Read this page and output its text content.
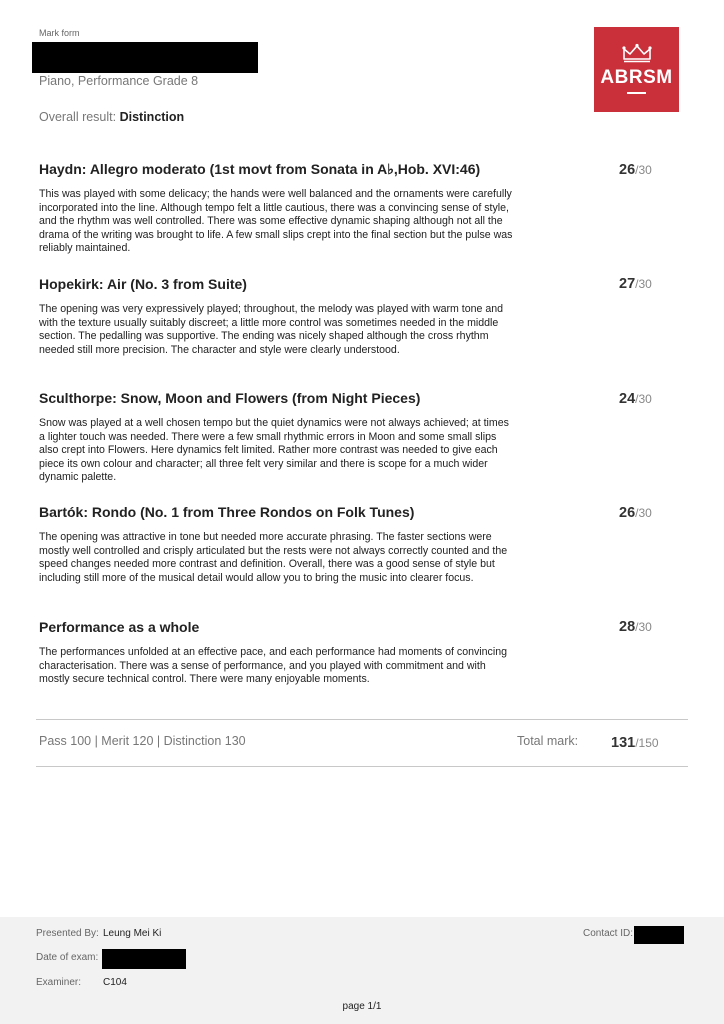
Mark form
Piano, Performance Grade 8
Overall result: Distinction
ABRSM
Haydn: Allegro moderato (1st movt from Sonata in A♭,Hob. XVI:46)	26/30
This was played with some delicacy; the hands were well balanced and the ornaments were carefully incorporated into the line. Although tempo felt a little cautious, there was a convincing sense of style, and the rhythm was well controlled. There was some effective dynamic shaping although not all the drama of the writing was brought to life. A few small slips crept into the final section but the pulse was reliably maintained.
Hopekirk: Air (No. 3 from Suite)	27/30
The opening was very expressively played; throughout, the melody was played with warm tone and with the texture usually suitably discreet; a little more control was sometimes needed in the middle section. The pedalling was supportive. The ending was nicely shaped although the cross rhythm needed still more precision. The character and style were clearly understood.
Sculthorpe: Snow, Moon and Flowers (from Night Pieces)	24/30
Snow was played at a well chosen tempo but the quiet dynamics were not always achieved; at times a lighter touch was needed. There were a few small rhythmic errors in Moon and some small slips also crept into Flowers. Here dynamics felt limited. Rather more contrast was needed to give each piece its own colour and character; all three felt very similar and there is scope for a much wider dynamic palette.
Bartók: Rondo (No. 1 from Three Rondos on Folk Tunes)	26/30
The opening was attractive in tone but needed more accurate phrasing. The faster sections were mostly well controlled and crisply articulated but the rests were not always correctly counted and the speed changes needed more contrast and definition. Overall, there was a good sense of style but including still more of the musical detail would allow you to bring the music into clearer focus.
Performance as a whole	28/30
The performances unfolded at an effective pace, and each performance had moments of convincing characterisation. There was a sense of performance, and you played with commitment and with mostly secure technical control. There were many enjoyable moments.
Pass 100 | Merit 120 | Distinction 130	Total mark: 131/150
Presented By: Leung Mei Ki
Date of exam:
Examiner: C104
Contact ID:
page 1/1
